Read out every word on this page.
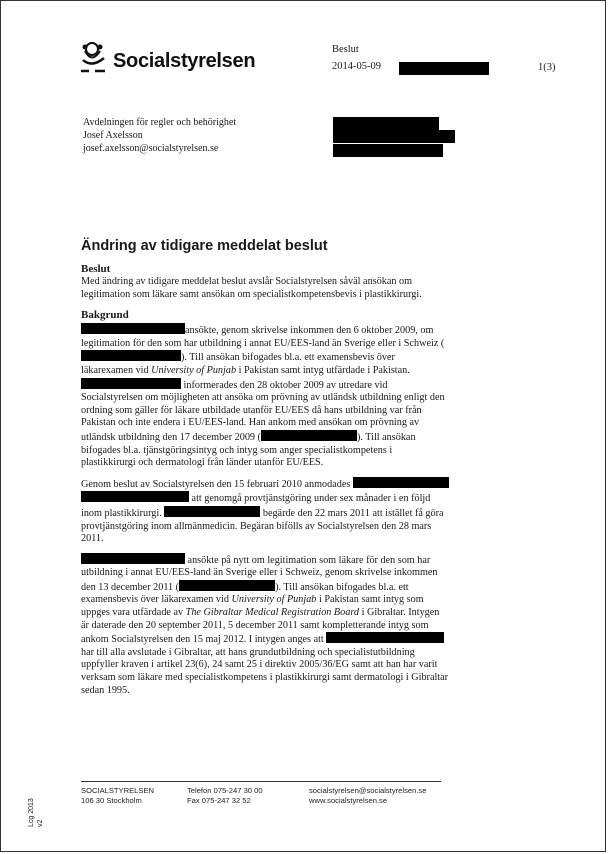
Socialstyrelsen
Beslut
2014-05-09	1(3)
Avdelningen för regler och behörighet
Josef Axelsson
josef.axelsson@socialstyrelsen.se
Ändring av tidigare meddelat beslut
Beslut

Med ändring av tidigare meddelat beslut avslår Socialstyrelsen såväl ansökan om legitimation som läkare samt ansökan om specialistkompetensbevis i plastikkirurgi.

Bakgrund

ansökte, genom skrivelse inkommen den 6 oktober 2009, om legitimation för den som har utbildning i annat EU/EES-land än Sverige eller i Schweiz (). Till ansökan bifogades bl.a. ett examensbevis över läkarexamen vid University of Punjab i Pakistan samt intyg utfärdade i Pakistan. informerades den 28 oktober 2009 av utredare vid Socialstyrelsen om möjligheten att ansöka om prövning av utländsk utbildning enligt den ordning som gäller för läkare utbildade utanför EU/EES då hans utbildning var från Pakistan och inte endera i EU/EES-land. Han ankom med ansökan om prövning av utländsk utbildning den 17 december 2009 (	). Till ansökan bifogades bl.a. tjänstgöringsintyg och intyg som anger specialistkompetens i plastikkirurgi och dermatologi från länder utanför EU/EES.

Genom beslut av Socialstyrelsen den 15 februari 2010 anmodades   att genomgå provtjänstgöring under sex månader i en följd inom plastikkirurgi.	begärde den 22 mars 2011 att istället få göra provtjänstgöring inom allmänmedicin. Begäran bifölls av Socialstyrelsen den 28 mars 2011.

ansökte på nytt om legitimation som läkare för den som har utbildning i annat EU/EES-land än Sverige eller i Schweiz, genom skrivelse inkommen den 13 december 2011 (	). Till ansökan bifogades bl.a. ett examensbevis över läkarexamen vid University of Punjab i Pakistan samt intyg som uppges vara utfärdade av The Gibraltar Medical Registration Board i Gibraltar. Intygen är daterade den 20 september 2011, 5 december 2011 samt kompletterande intyg som ankom Socialstyrelsen den 15 maj 2012. I intygen anges att  har till alla avslutade i Gibraltar, att hans grundutbildning och specialistutbildning uppfyller kraven i artikel 23(6), 24 samt 25 i direktiv 2005/36/EG samt att han har varit verksam som läkare med specialistkompetens i plastikkirurgi samt dermatologi i Gibraltar sedan 1995.

SOCIALSTYRELSEN
106 30 Stockholm
Telefon 075-247 30 00
Fax 075-247 32 52
socialstyrelsen@socialstyrelsen.se
www.socialstyrelsen.se
Lcg 2013 v2
